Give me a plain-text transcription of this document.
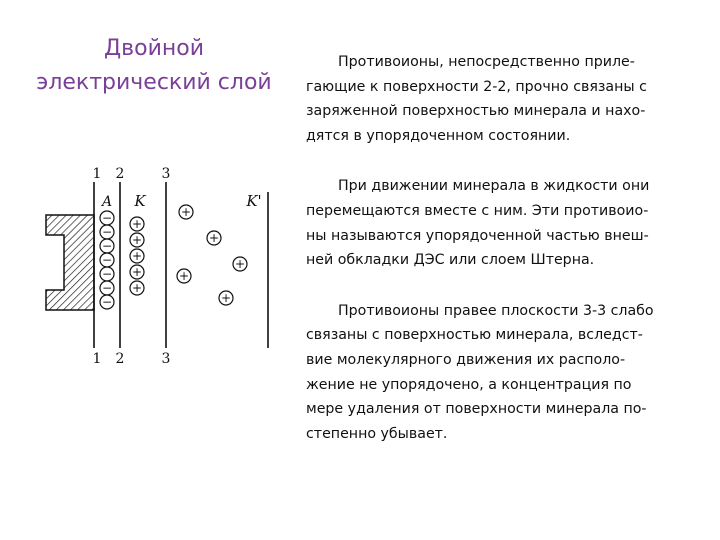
Двойной
электрический слой
Противоионы, непосредственно приле-
гающие к поверхности 2-2, прочно связаны с
заряженной поверхностью минерала и нахо-
дятся в упорядоченном состоянии.
При движении минерала в жидкости они
перемещаются вместе с ним. Эти противоио-
ны называются упорядоченной частью внеш-
ней обкладки ДЭС или слоем Штерна.
Противоионы правее плоскости 3-3 слабо
связаны с поверхностью минерала, вследст-
вие молекулярного движения их располо-
жение не упорядочено, а концентрация по
мере удаления от поверхности минерала по-
степенно убывает.
1 2	3
1 2	3
A K	K'
−
−
−
−
−
−
−
+
+
+
+
+
+
+
+
+
+
